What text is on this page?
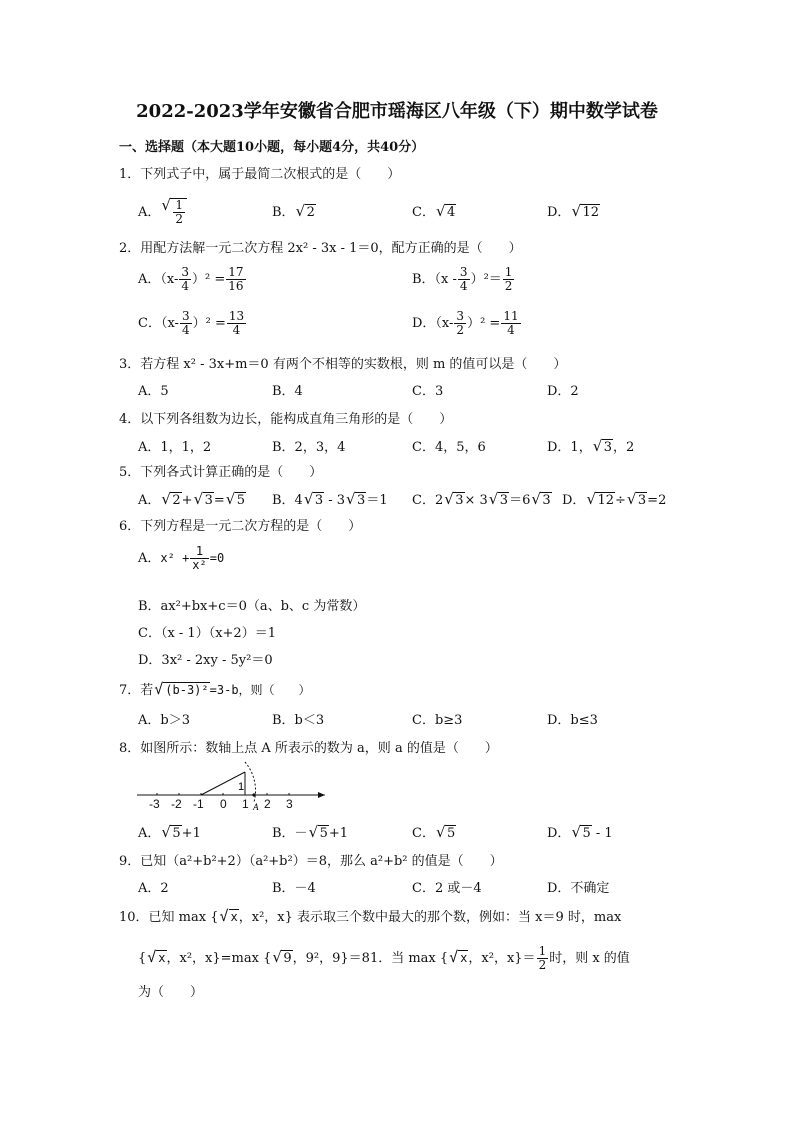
2022-2023学年安徽省合肥市瑶海区八年级（下）期中数学试卷
一、选择题（本大题10小题，每小题4分，共40分）
1．下列式子中，属于最简二次根式的是（　　）
A． √ $\frac{1}{2}$	B． √ 2	C． √ 4	D． √ 12
2．用配方法解一元二次方程 2x² - 3x - 1＝0，配方正确的是（　　）
A．$(x- \frac{3}{4} )^2 = \frac{17}{16}$	B．$(x - \frac{3}{4} )^2= \frac{1}{2}$
C．$(x- \frac{3}{4} )^2 = \frac{13}{4}$	D．$(x- \frac{3}{2} )^2 = \frac{11}{4}$
3．若方程 x² - 3x+m＝0 有两个不相等的实数根，则 m 的值可以是（　　）
A．5	B．4	C．3	D．2
4．以下列各组数为边长，能构成直角三角形的是（　　）
A．1，1，2	B．2，3，4	C．4，5，6	D．1， √ 3，2
5．下列各式计算正确的是（　　）
A． √ 2+ √ 3= √ 5 B．4 √ 3 - 3 √ 3＝1 C．2 √ 3× 3 √ 3＝6 √ 3 D． √ 12÷ √ 3=2
6．下列方程是一元二次方程的是（　　）
A．$x^2 + \frac{1}{\text{x²}} =0$
B．ax²+bx+c＝0（a、b、c 为常数）
C．（x - 1）（x+2）＝1
D．3x² - 2xy - 5y²＝0
7．若 √ (b-3)²=3-b，则（　　）
A．b＞3	B．b＜3	C．b≥3	D．b≤3
8．如图所示：数轴上点 A 所表示的数为 a，则 a 的值是（　　）
-3 -2 -1 0 1 2 3
1
A
A． √ 5+1	B．－ √ 5+1	C． √ 5	D． √ 5 - 1
9．已知（a²+b²+2）（a²+b²）＝8，那么 a²+b² 的值是（　　）
A．2	B．－4	C．2 或－4	D．不确定
10．已知 max { √ x，x²，x} 表示取三个数中最大的那个数，例如：当 x＝9 时，max
{ √ x，x²，x}=max { √ 9，9²，9}＝81．当 max { √ x，x²，$x\}= \frac{1}{2}$ 时，则 x 的值
为（　　）
